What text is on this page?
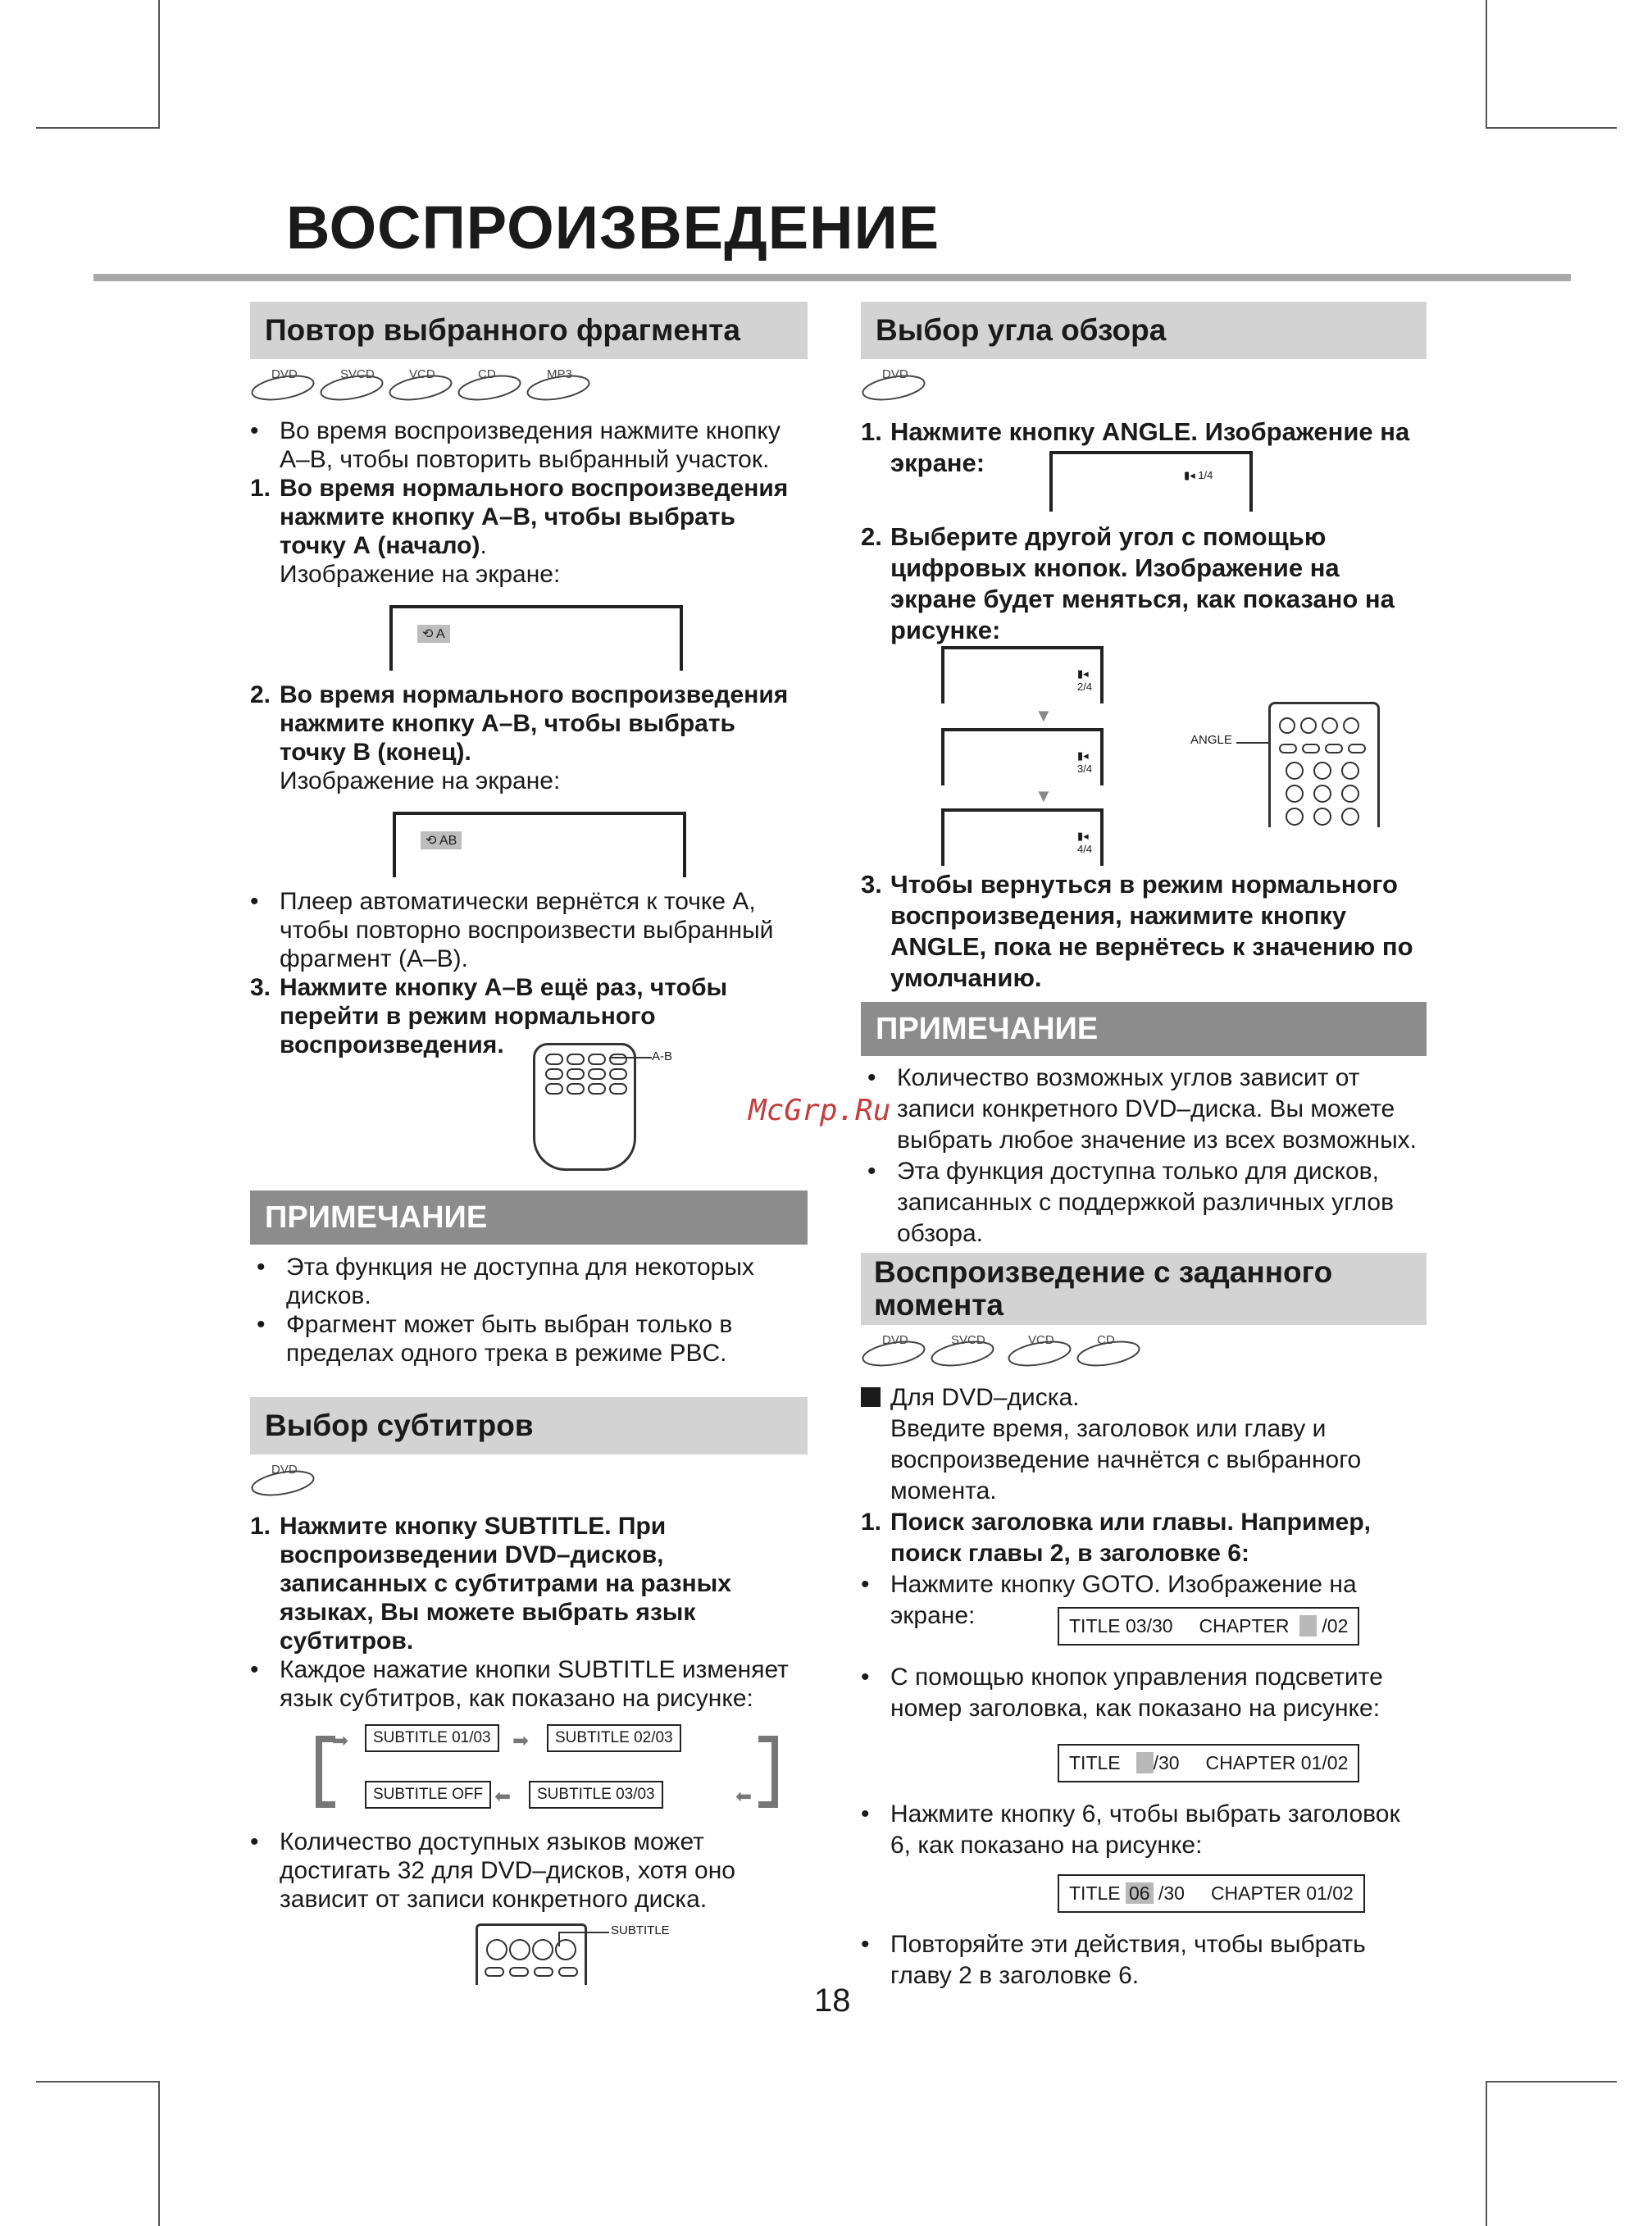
ВОСПРОИЗВЕДЕНИЕ
Повтор выбранного фрагмента
DVD	SVCD	VCD	CD	MP3
• Во время воспроизведения нажмите кнопку А–В, чтобы повторить выбранный участок.
1. Во время нормального воспроизведения нажмите кнопку А–В, чтобы выбрать точку А (начало).
Изображение на экране:
⟲ A
2. Во время нормального воспроизведения нажмите кнопку А–В, чтобы выбрать точку В (конец).
Изображение на экране:
⟲ AB
• Плеер автоматически вернётся к точке А, чтобы повторно воспроизвести выбранный фрагмент (А–В).
3. Нажмите кнопку А–В ещё раз, чтобы перейти в режим нормального воспроизведения.	A-B
ПРИМЕЧАНИЕ
• Эта функция не доступна для некоторых дисков.
• Фрагмент может быть выбран только в пределах одного трека в режиме PBC.
Выбор субтитров
DVD
1. Нажмите кнопку SUBTITLE. При воспроизведении DVD–дисков, записанных с субтитрами на разных языках, Вы можете выбрать язык субтитров.
• Каждое нажатие кнопки SUBTITLE изменяет язык субтитров, как показано на рисунке:
SUBTITLE 01/03	➡	SUBTITLE 02/03
SUBTITLE 03/03
⬅
SUBTITLE OFF	⬅
➡
• Количество доступных языков может достигать 32 для DVD–дисков, хотя оно зависит от записи конкретного диска.
SUBTITLE
Выбор угла обзора
DVD
1. Нажмите кнопку ANGLE. Изображение на экране:	▮◂ 1/4
2. Выберите другой угол с помощью цифровых кнопок. Изображение на экране будет меняться, как показано на рисунке:
▮◂ 2/4
▼
▮◂ 3/4
▼
▮◂ 4/4
ANGLE
3. Чтобы вернуться в режим нормального воспроизведения, нажимите кнопку ANGLE, пока не вернётесь к значению по умолчанию.
ПРИМЕЧАНИЕ
• Количество возможных углов зависит от записи конкретного DVD–диска. Вы можете выбрать любое значение из всех возможных.
• Эта функция доступна только для дисков, записанных с поддержкой различных углов обзора.
Воспроизведение с заданного момента
DVD	SVCD	VCD	CD
Для DVD–диска.
Введите время, заголовок или главу и воспроизведение начнётся с выбранного момента.
1. Поиск заголовка или главы. Например, поиск главы 2, в заголовке 6:
• Нажмите кнопку GOTO. Изображение на экране:	TITLE 03/30 CHAPTER /02
• С помощью кнопок управления подсветите номер заголовка, как показано на рисунке:
TITLE /30 CHAPTER 01/02
• Нажмите кнопку 6, чтобы выбрать заголовок 6, как показано на рисунке:
TITLE 06 /30 CHAPTER 01/02
• Повторяйте эти действия, чтобы выбрать главу 2 в заголовке 6.
McGrp.Ru
18
